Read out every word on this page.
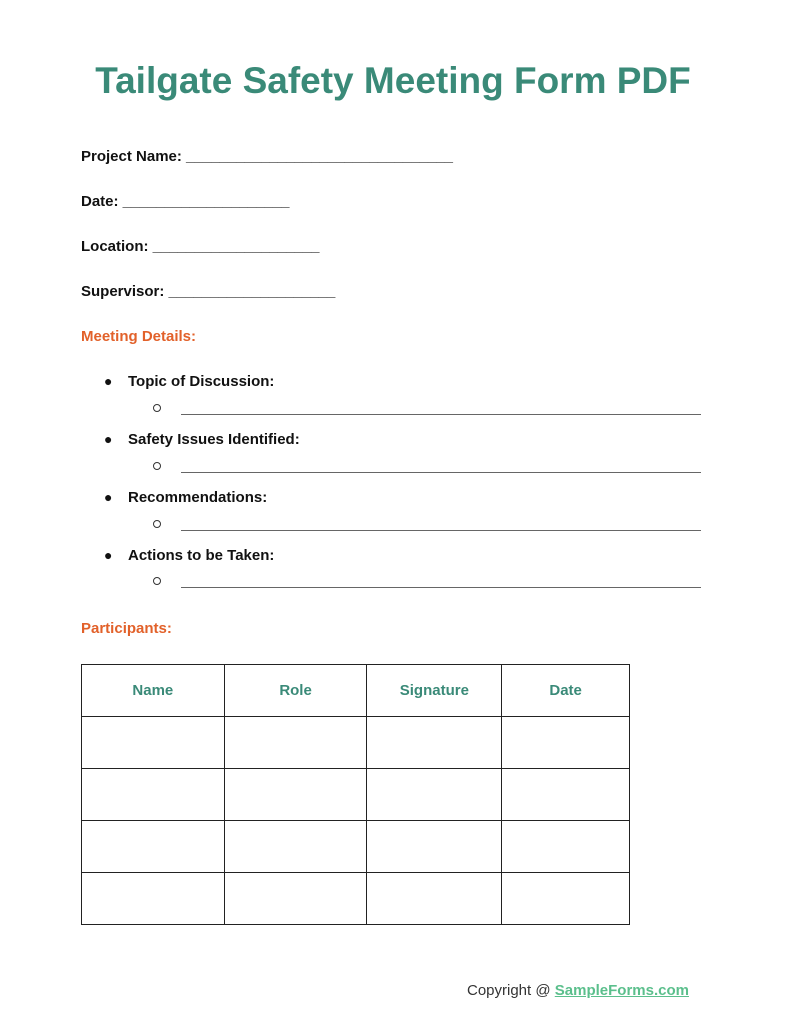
Tailgate Safety Meeting Form PDF
Project Name: ________________________________
Date: ____________________
Location: ____________________
Supervisor: ____________________
Meeting Details:
● Topic of Discussion:
● Safety Issues Identified:
● Recommendations:
● Actions to be Taken:
Participants:
Name	Role	Signature	Date

Copyright @ SampleForms.com
